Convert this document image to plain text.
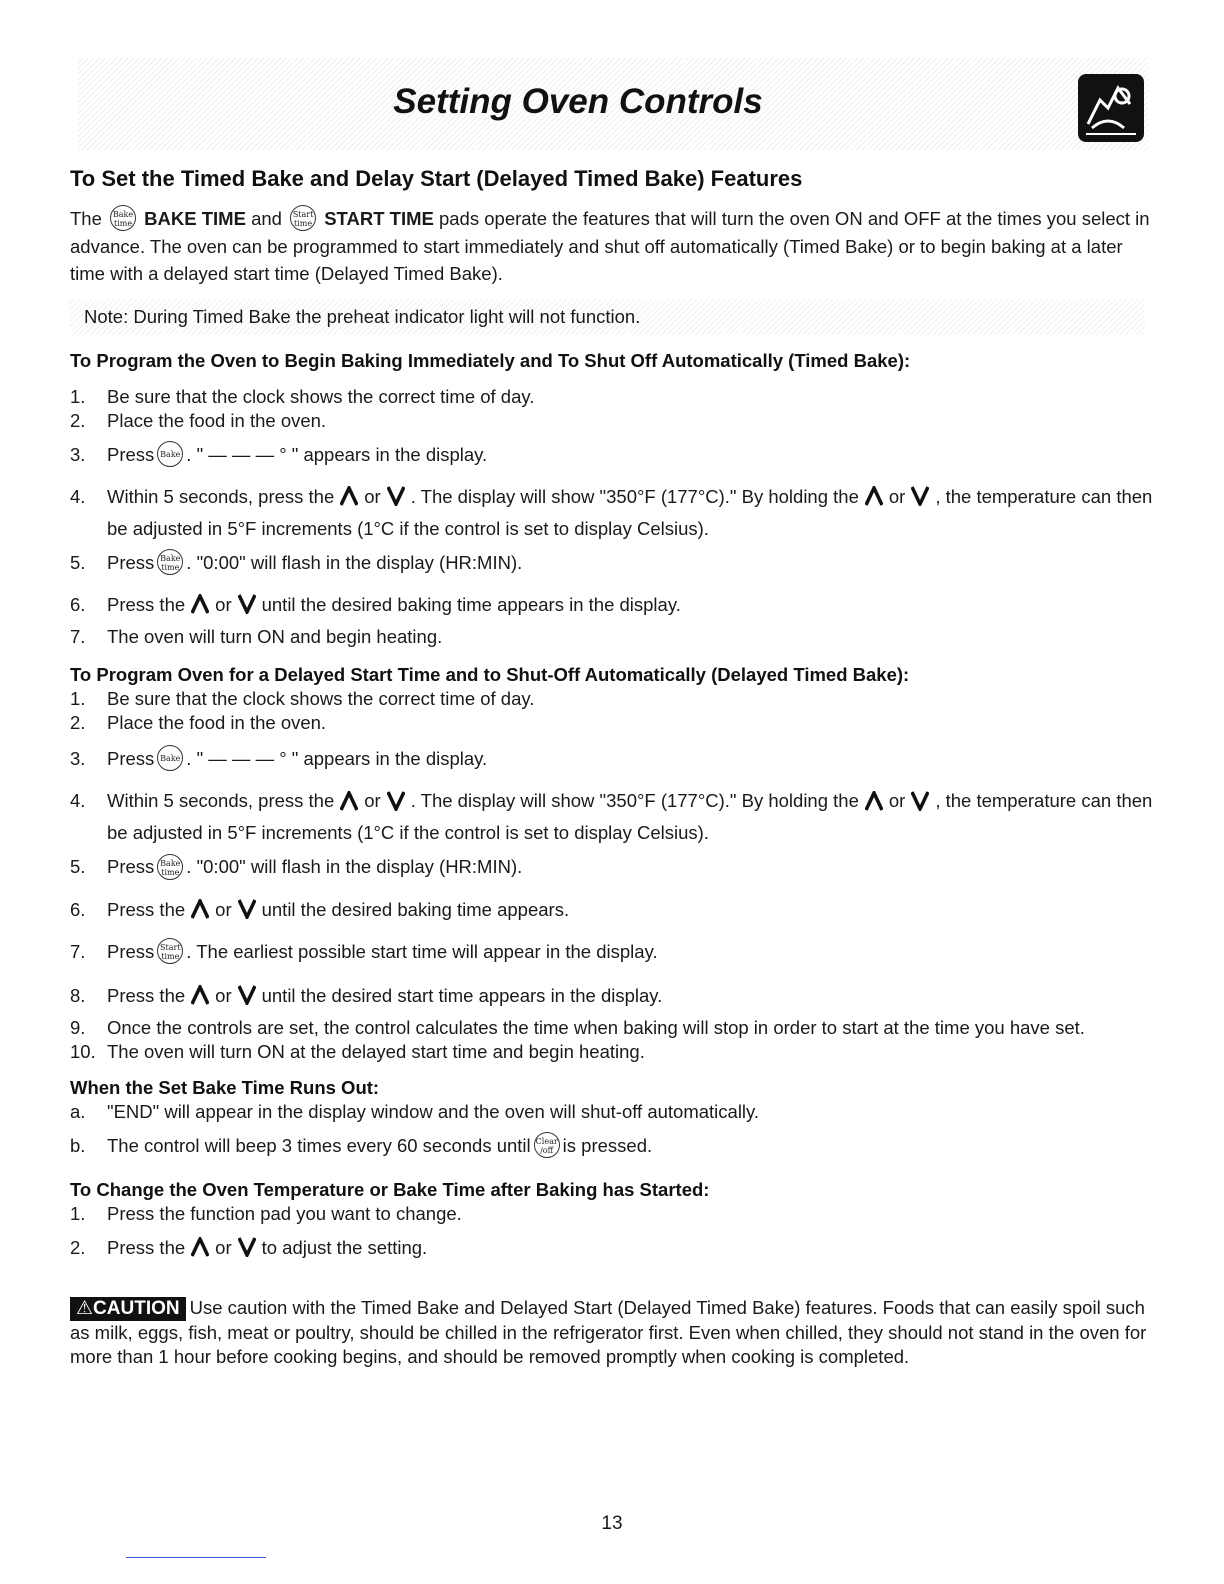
Setting Oven Controls
To Set the Timed Bake and Delay Start (Delayed Timed Bake) Features

The Bake
time BAKE TIME and Start
time START TIME pads operate the features that will turn the oven ON and OFF at the times you select in advance. The oven can be programmed to start immediately and shut off automatically (Timed Bake) or to begin baking at a later time with a delayed start time (Delayed Timed Bake).

Note: During Timed Bake the preheat indicator light will not function.
To Program the Oven to Begin Baking Immediately and To Shut Off Automatically (Timed Bake):
1. Be sure that the clock shows the correct time of day.
2. Place the food in the oven.
3. Press Bake . " — — — ° " appears in the display.
4. Within 5 seconds, press the or . The display will show "350°F (177°C)." By holding the or , the temperature can then be adjusted in 5°F increments (1°C if the control is set to display Celsius).
5. Press Bake
time . "0:00" will flash in the display (HR:MIN).
6. Press the or until the desired baking time appears in the display.
7. The oven will turn ON and begin heating.
To Program Oven for a Delayed Start Time and to Shut-Off Automatically (Delayed Timed Bake):
1. Be sure that the clock shows the correct time of day.
2. Place the food in the oven.
3. Press Bake . " — — — ° " appears in the display.
4. Within 5 seconds, press the or . The display will show "350°F (177°C)." By holding the or , the temperature can then be adjusted in 5°F increments (1°C if the control is set to display Celsius).
5. Press Bake
time . "0:00" will flash in the display (HR:MIN).
6. Press the or until the desired baking time appears.
7. Press Start
time . The earliest possible start time will appear in the display.
8. Press the or until the desired start time appears in the display.
9. Once the controls are set, the control calculates the time when baking will stop in order to start at the time you have set.
10. The oven will turn ON at the delayed start time and begin heating.
When the Set Bake Time Runs Out:
a. "END" will appear in the display window and the oven will shut-off automatically.
b. The control will beep 3 times every 60 seconds until Clear
/off is pressed.
To Change the Oven Temperature or Bake Time after Baking has Started:
1. Press the function pad you want to change.
2. Press the or to adjust the setting.

⚠CAUTION Use caution with the Timed Bake and Delayed Start (Delayed Timed Bake) features. Foods that can easily spoil such as milk, eggs, fish, meat or poultry, should be chilled in the refrigerator first. Even when chilled, they should not stand in the oven for more than 1 hour before cooking begins, and should be removed promptly when cooking is completed.

13
